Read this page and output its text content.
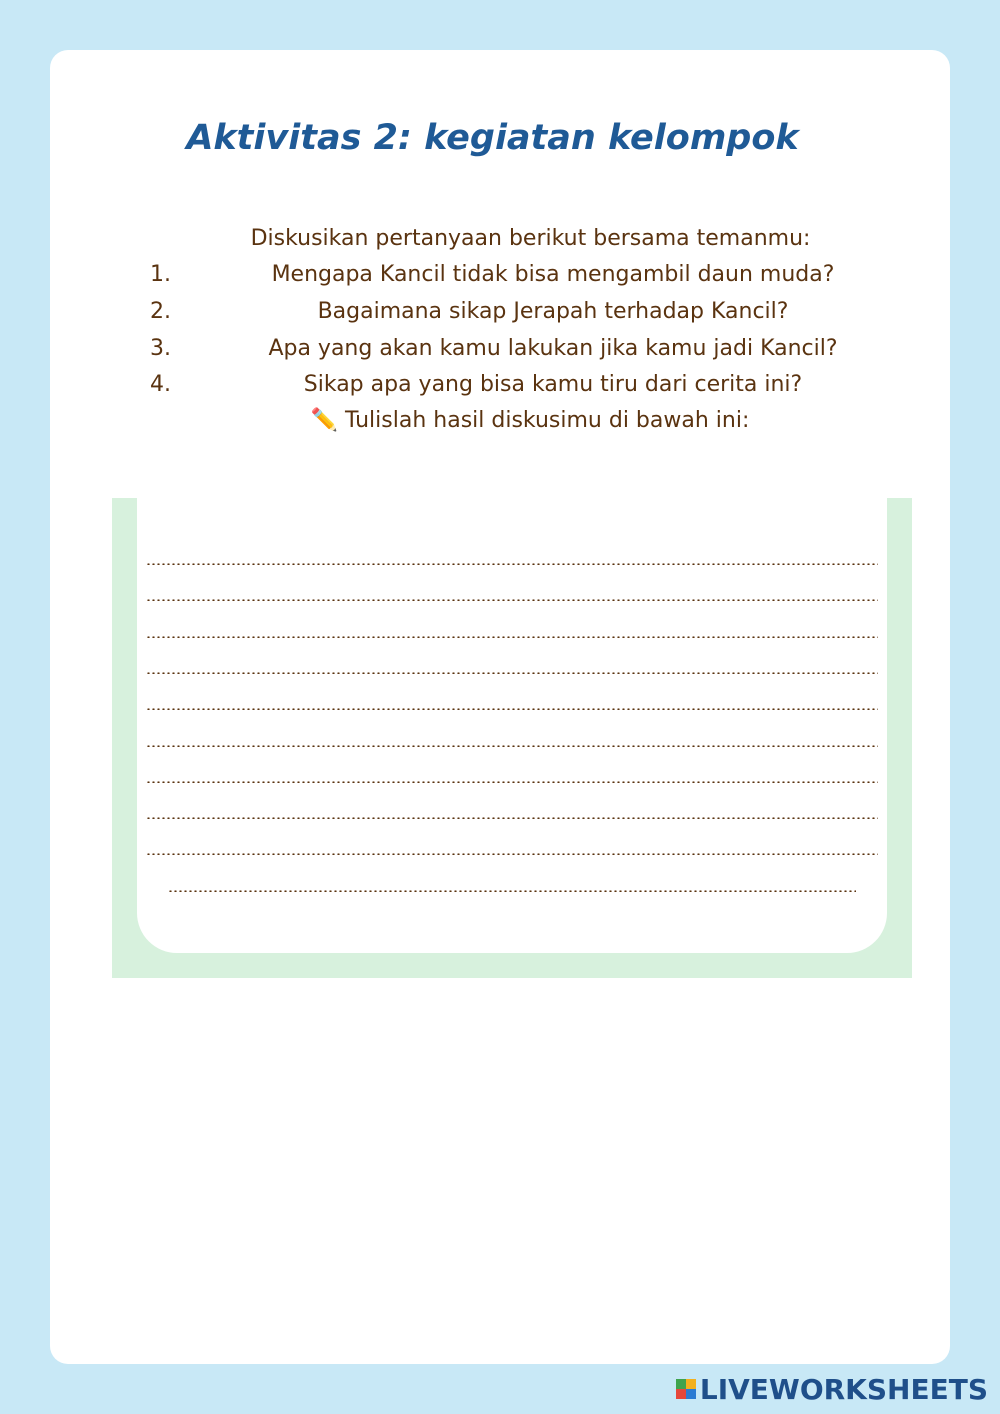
Aktivitas 2: kegiatan kelompok
Diskusikan pertanyaan berikut bersama temanmu:
1.	Mengapa Kancil tidak bisa mengambil daun muda?
2.	Bagaimana sikap Jerapah terhadap Kancil?
3.	Apa yang akan kamu lakukan jika kamu jadi Kancil?
4.	Sikap apa yang bisa kamu tiru dari cerita ini?
✏️ Tulislah hasil diskusimu di bawah ini:
LIVEWORKSHEETS
